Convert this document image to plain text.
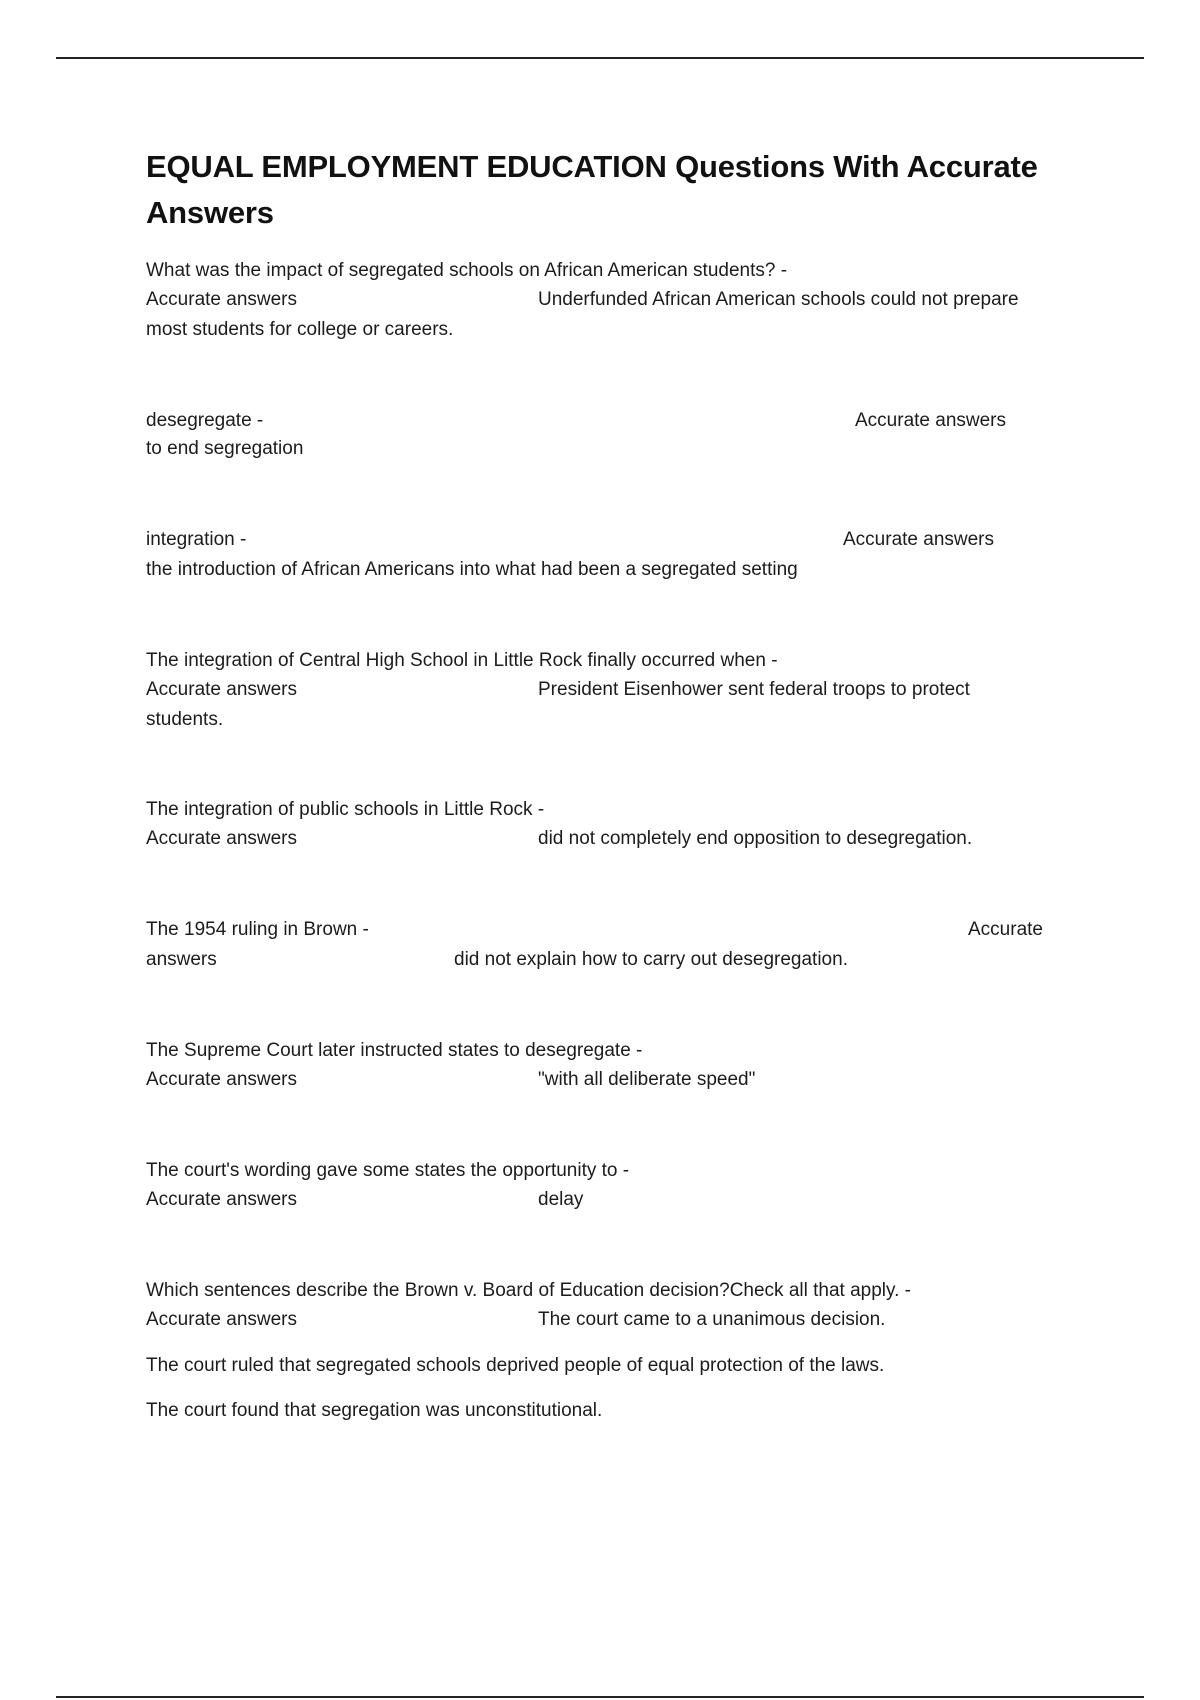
EQUAL EMPLOYMENT EDUCATION Questions With Accurate Answers
What was the impact of segregated schools on African American students? -
Accurate answers	Underfunded African American schools could not prepare
most students for college or careers.
desegregate -	Accurate answers
to end segregation
integration -	Accurate answers
the introduction of African Americans into what had been a segregated setting
The integration of Central High School in Little Rock finally occurred when -
Accurate answers	President Eisenhower sent federal troops to protect
students.
The integration of public schools in Little Rock -
Accurate answers	did not completely end opposition to desegregation.
The 1954 ruling in Brown -	Accurate
answers	did not explain how to carry out desegregation.
The Supreme Court later instructed states to desegregate -
Accurate answers	"with all deliberate speed"
The court's wording gave some states the opportunity to -
Accurate answers	delay
Which sentences describe the Brown v. Board of Education decision?Check all that apply. -
Accurate answers	The court came to a unanimous decision.
The court ruled that segregated schools deprived people of equal protection of the laws.
The court found that segregation was unconstitutional.
